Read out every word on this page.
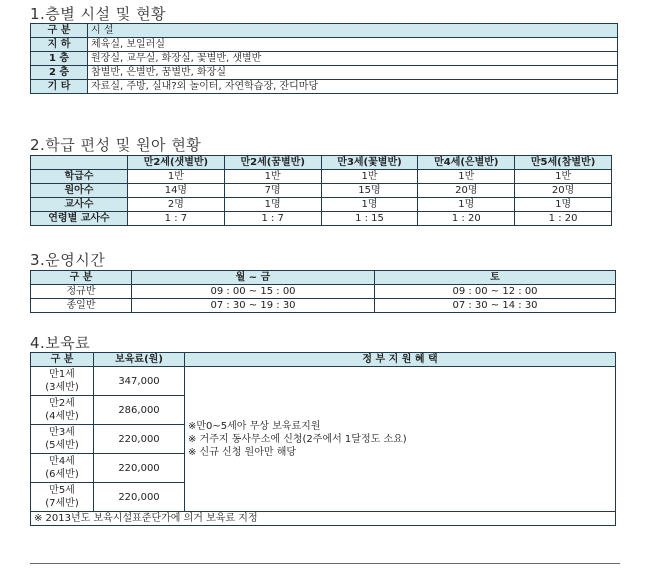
1.층별 시설 및 현황
구 분	시 설
지 하	체육실, 보일러실
1 층	원장실, 교무실, 화장실, 꽃별반, 샛별반
2 층	참별반, 은별반, 꿈별반, 화장실
기 타	자료실, 주방, 실내?외 놀이터, 자연학습장, 잔디마당
2.학급 편성 및 원아 현황
	만2세(샛별반)	만2세(꿈별반)	만3세(꽃별반)	만4세(은별반)	만5세(참별반)
학급수	1반	1반	1반	1반	1반
원아수	14명	7명	15명	20명	20명
교사수	2명	1명	1명	1명	1명
연령별 교사수	1 : 7	1 : 7	1 : 15	1 : 20	1 : 20
3.운영시간
구 분	월 ~ 금	토
정규반	09 : 00 ~ 15 : 00	09 : 00 ~ 12 : 00
종일반	07 : 30 ~ 19 : 30	07 : 30 ~ 14 : 30
4.보육료
구 분	보육료(원)	정 부 지 원 혜 택
만1세
(3세반)	347,000	※만0~5세아 무상 보육료지원
※ 거주지 동사무소에 신청(2주에서 1달정도 소요)
※ 신규 신청 원아만 해당

만2세
(4세반)	286,000	
만3세
(5세반)	220,000	
만4세
(6세반)	220,000	
만5세
(7세반)	220,000	
※ 2013년도 보육시설표준단가에 의거 보육료 지정		
